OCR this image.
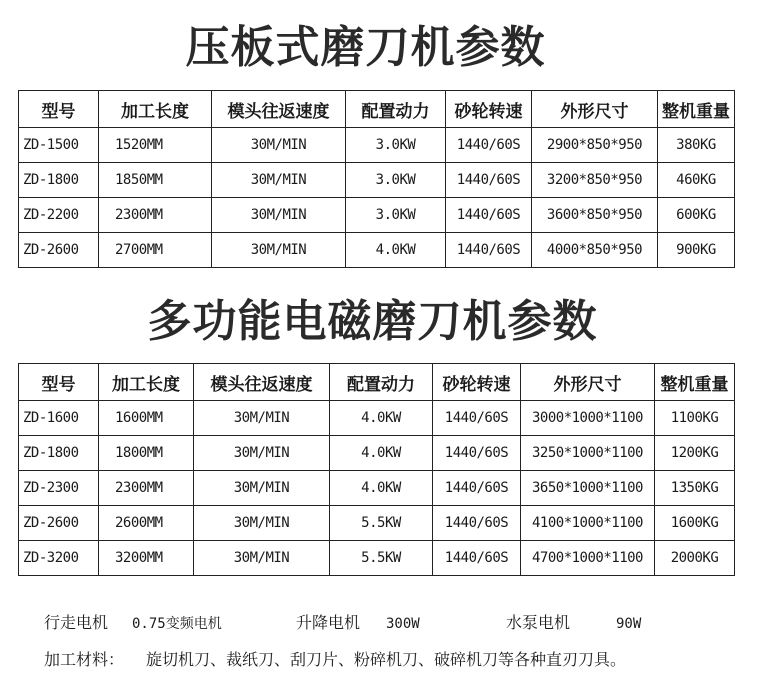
压板式磨刀机参数
型号	加工长度	模头往返速度	配置动力	砂轮转速	外形尺寸	整机重量
ZD-1500	1520MM	30M/MIN	3.0KW	1440/60S	2900*850*950	380KG
ZD-1800	1850MM	30M/MIN	3.0KW	1440/60S	3200*850*950	460KG
ZD-2200	2300MM	30M/MIN	3.0KW	1440/60S	3600*850*950	600KG
ZD-2600	2700MM	30M/MIN	4.0KW	1440/60S	4000*850*950	900KG
多功能电磁磨刀机参数
型号	加工长度	模头往返速度	配置动力	砂轮转速	外形尺寸	整机重量
ZD-1600	1600MM	30M/MIN	4.0KW	1440/60S	3000*1000*1100	1100KG
ZD-1800	1800MM	30M/MIN	4.0KW	1440/60S	3250*1000*1100	1200KG
ZD-2300	2300MM	30M/MIN	4.0KW	1440/60S	3650*1000*1100	1350KG
ZD-2600	2600MM	30M/MIN	5.5KW	1440/60S	4100*1000*1100	1600KG
ZD-3200	3200MM	30M/MIN	5.5KW	1440/60S	4700*1000*1100	2000KG
行走电机 0.75变频电机	升降电机 300W	水泵电机	90W
加工材料： 旋切机刀、裁纸刀、刮刀片、粉碎机刀、破碎机刀等各种直刃刀具。
